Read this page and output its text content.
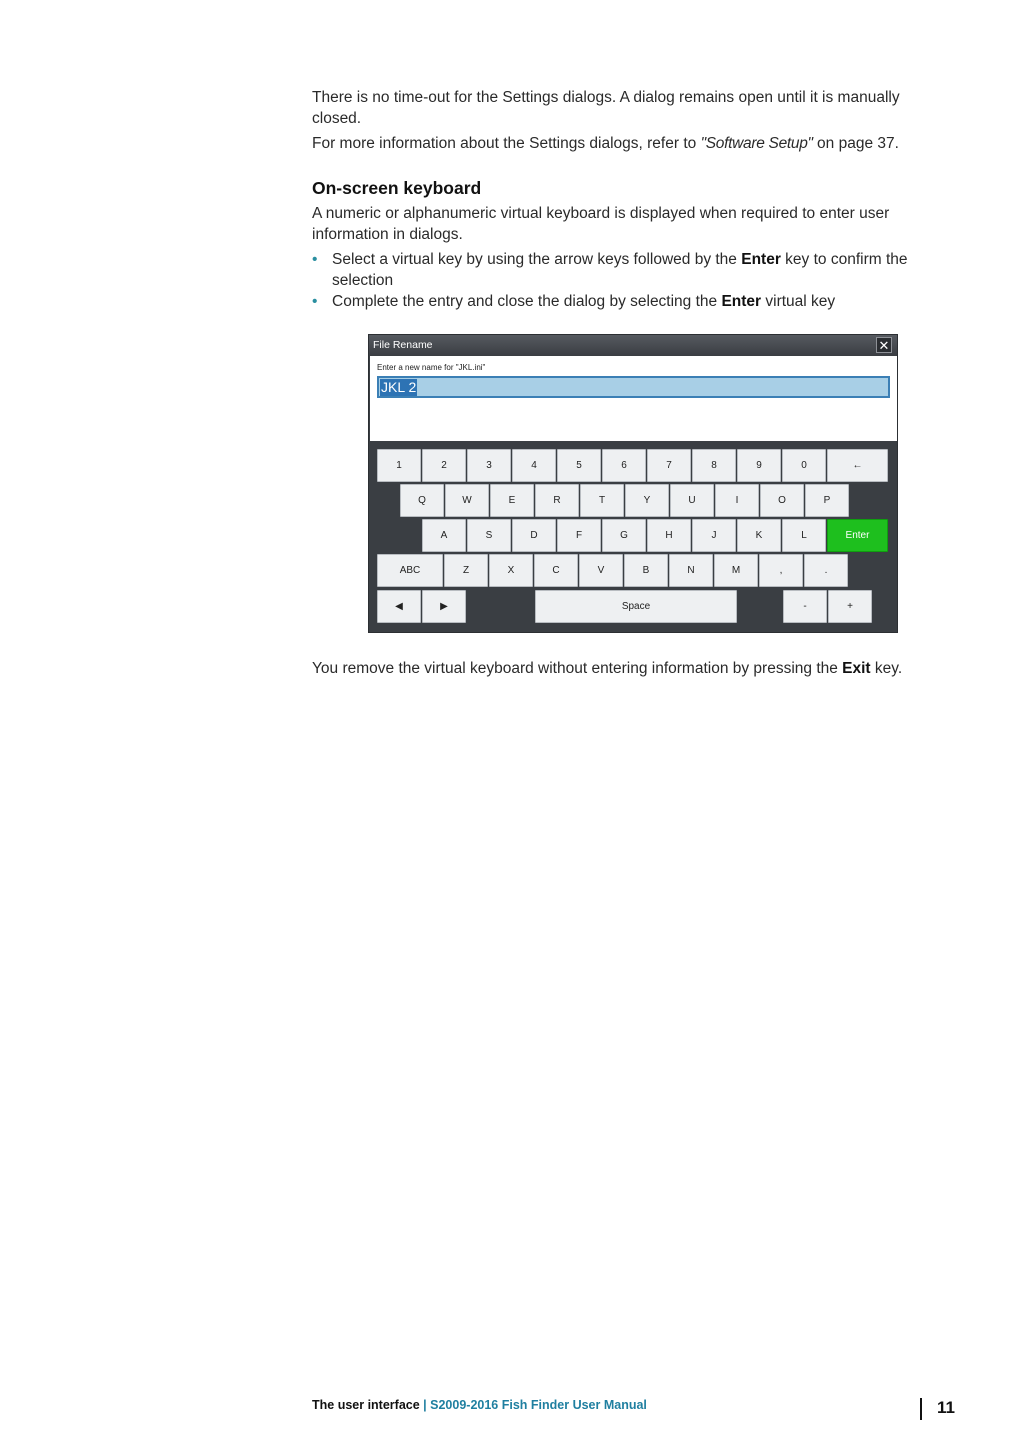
There is no time-out for the Settings dialogs. A dialog remains open until it is manually closed.
For more information about the Settings dialogs, refer to "Software Setup" on page 37.
On-screen keyboard
A numeric or alphanumeric virtual keyboard is displayed when required to enter user information in dialogs.
• Select a virtual key by using the arrow keys followed by the Enter key to confirm the selection
• Complete the entry and close the dialog by selecting the Enter virtual key
File Rename	✕
Enter a new name for "JKL.ini"
JKL 2
1	2	3	4	5	6	7	8	9	0	←
Q	W	E	R	T	Y	U	I	O	P
A	S	D	F	G	H	J	K	L	Enter
ABC	Z	X	C	V	B	N	M	,	.
◀	▶	Space	-	+
You remove the virtual keyboard without entering information by pressing the Exit key.
The user interface | S2009-2016 Fish Finder User Manual	11
